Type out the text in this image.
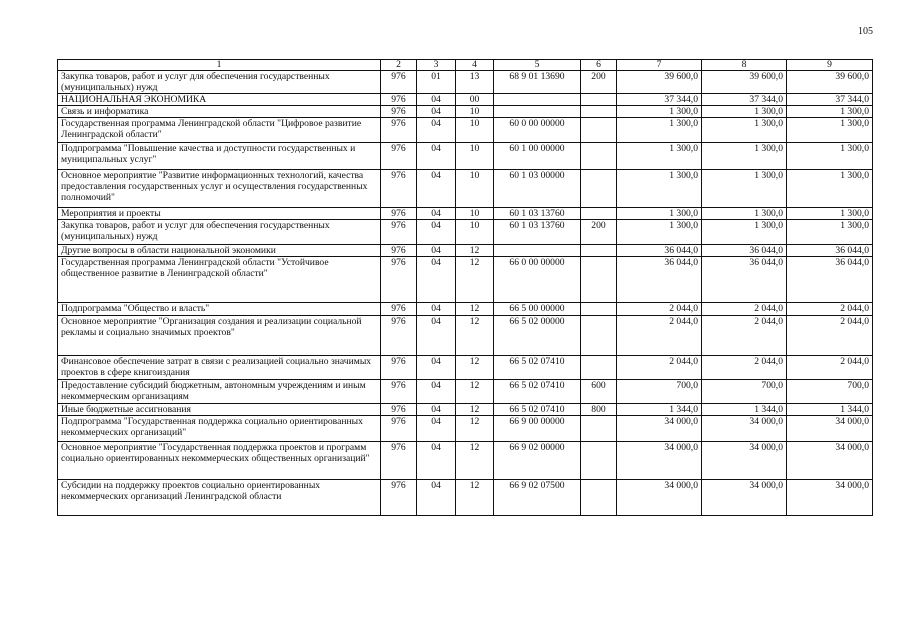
105
1	2	3	4	5	6	7	8	9
Закупка товаров, работ и услуг для обеспечения государственных (муниципальных) нужд	976	01	13	68 9 01 13690	200	39 600,0	39 600,0	39 600,0
НАЦИОНАЛЬНАЯ ЭКОНОМИКА	976	04	00			37 344,0	37 344,0	37 344,0
Связь и информатика	976	04	10			1 300,0	1 300,0	1 300,0
Государственная программа Ленинградской области "Цифровое развитие Ленинградской области"	976	04	10	60 0 00 00000		1 300,0	1 300,0	1 300,0
Подпрограмма "Повышение качества и доступности государственных и муниципальных услуг"	976	04	10	60 1 00 00000		1 300,0	1 300,0	1 300,0
Основное мероприятие "Развитие информационных технологий, качества предоставления государственных услуг и осуществления государственных полномочий"	976	04	10	60 1 03 00000		1 300,0	1 300,0	1 300,0
Мероприятия и проекты	976	04	10	60 1 03 13760		1 300,0	1 300,0	1 300,0
Закупка товаров, работ и услуг для обеспечения государственных (муниципальных) нужд	976	04	10	60 1 03 13760	200	1 300,0	1 300,0	1 300,0
Другие вопросы в области национальной экономики	976	04	12			36 044,0	36 044,0	36 044,0
Государственная программа Ленинградской области "Устойчивое общественное развитие в Ленинградской области"	976	04	12	66 0 00 00000		36 044,0	36 044,0	36 044,0
Подпрограмма "Общество и власть"	976	04	12	66 5 00 00000		2 044,0	2 044,0	2 044,0
Основное мероприятие "Организация создания и реализации социальной рекламы и социально значимых проектов"	976	04	12	66 5 02 00000		2 044,0	2 044,0	2 044,0
Финансовое обеспечение затрат в связи с реализацией социально значимых проектов в сфере книгоиздания	976	04	12	66 5 02 07410		2 044,0	2 044,0	2 044,0
Предоставление субсидий бюджетным, автономным учреждениям и иным некоммерческим организациям	976	04	12	66 5 02 07410	600	700,0	700,0	700,0
Иные бюджетные ассигнования	976	04	12	66 5 02 07410	800	1 344,0	1 344,0	1 344,0
Подпрограмма "Государственная поддержка социально ориентированных некоммерческих организаций"	976	04	12	66 9 00 00000		34 000,0	34 000,0	34 000,0
Основное мероприятие "Государственная поддержка проектов и программ социально ориентированных некоммерческих общественных организаций"	976	04	12	66 9 02 00000		34 000,0	34 000,0	34 000,0
Субсидии на поддержку проектов социально ориентированных некоммерческих организаций Ленинградской области	976	04	12	66 9 02 07500		34 000,0	34 000,0	34 000,0
